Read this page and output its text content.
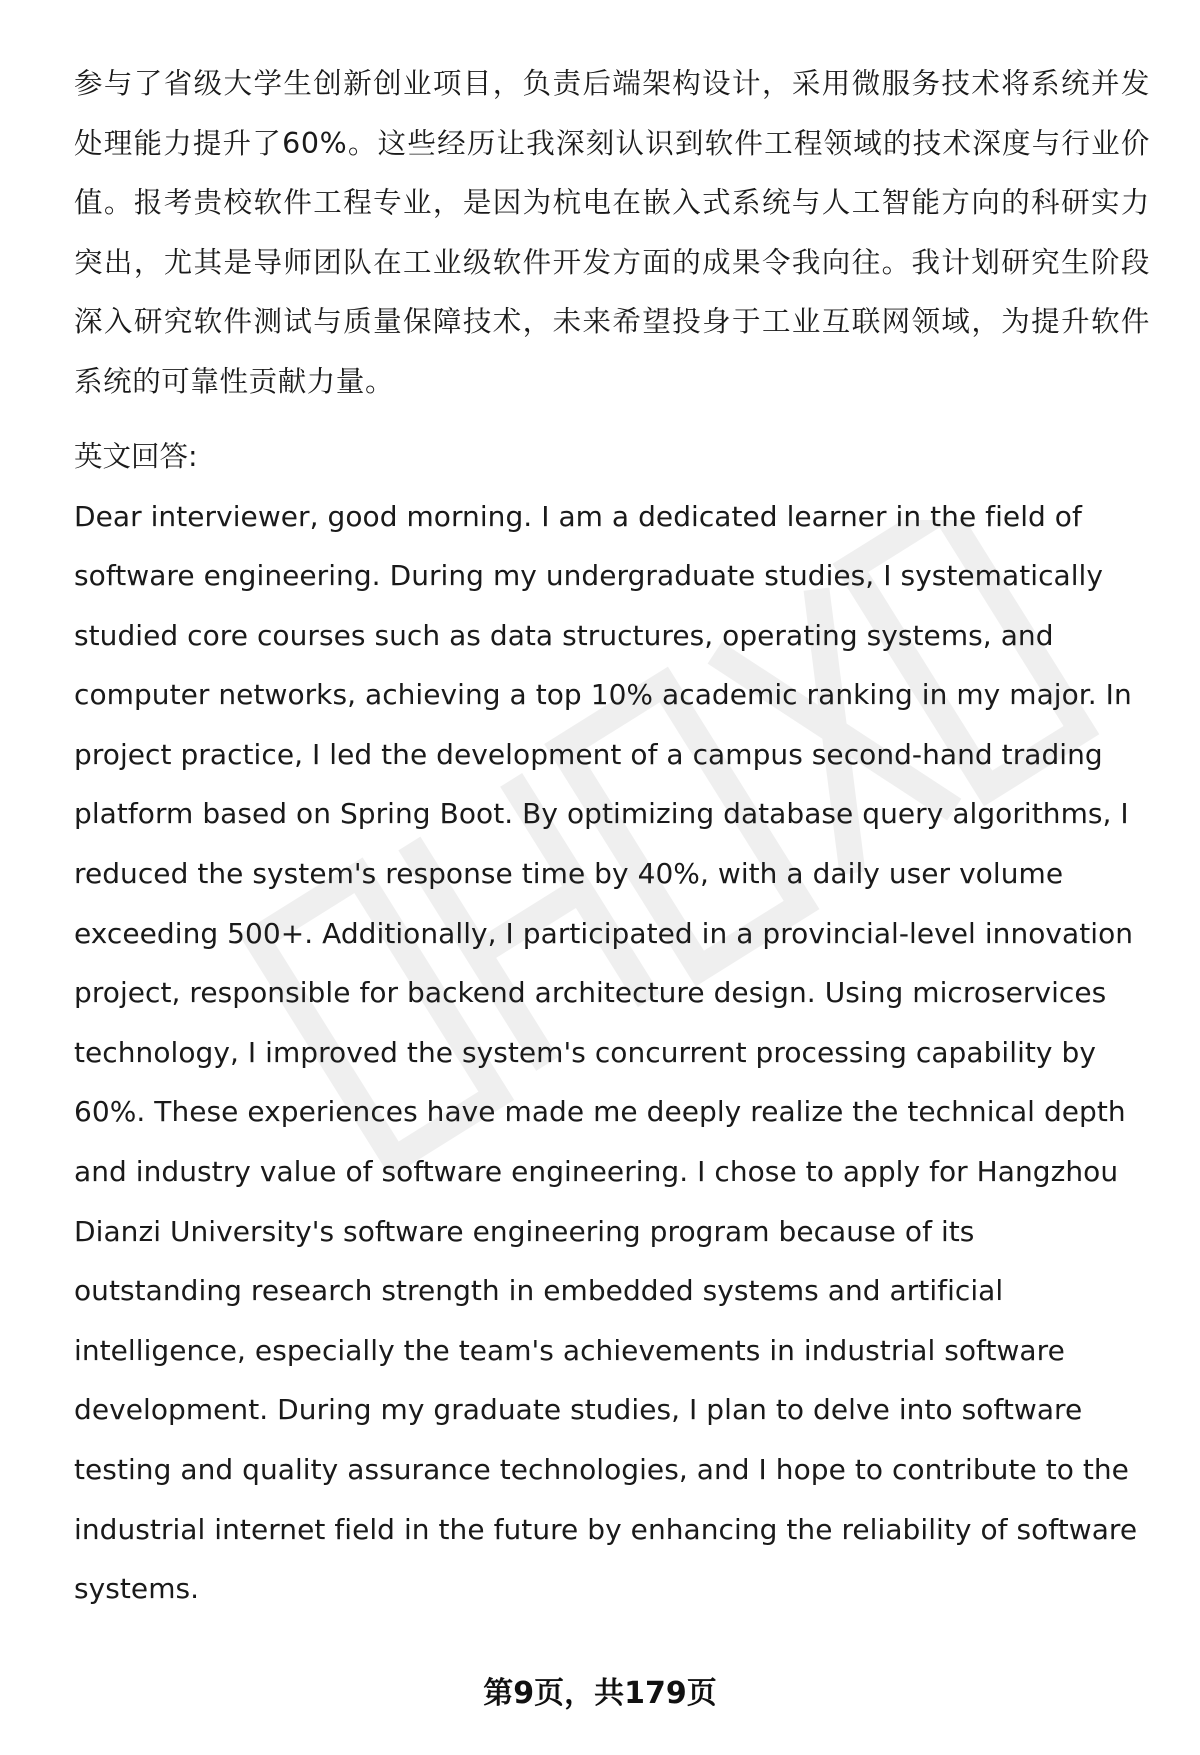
参与了省级大学生创新创业项目，负责后端架构设计，采用微服务技术将系统并发处理能力提升了60%。这些经历让我深刻认识到软件工程领域的技术深度与行业价值。报考贵校软件工程专业，是因为杭电在嵌入式系统与人工智能方向的科研实力突出，尤其是导师团队在工业级软件开发方面的成果令我向往。我计划研究生阶段深入研究软件测试与质量保障技术，未来希望投身于工业互联网领域，为提升软件系统的可靠性贡献力量。

英文回答:

Dear interviewer, good morning. I am a dedicated learner in the field of software engineering. During my undergraduate studies, I systematically studied core courses such as data structures, operating systems, and computer networks, achieving a top 10% academic ranking in my major. In project practice, I led the development of a campus second-hand trading platform based on Spring Boot. By optimizing database query algorithms, I reduced the system's response time by 40%, with a daily user volume exceeding 500+. Additionally, I participated in a provincial-level innovation project, responsible for backend architecture design. Using microservices technology, I improved the system's concurrent processing capability by 60%. These experiences have made me deeply realize the technical depth and industry value of software engineering. I chose to apply for Hangzhou Dianzi University's software engineering program because of its outstanding research strength in embedded systems and artificial intelligence, especially the team's achievements in industrial software development. During my graduate studies, I plan to delve into software testing and quality assurance technologies, and I hope to contribute to the industrial internet field in the future by enhancing the reliability of software systems.

第9页，共179页
